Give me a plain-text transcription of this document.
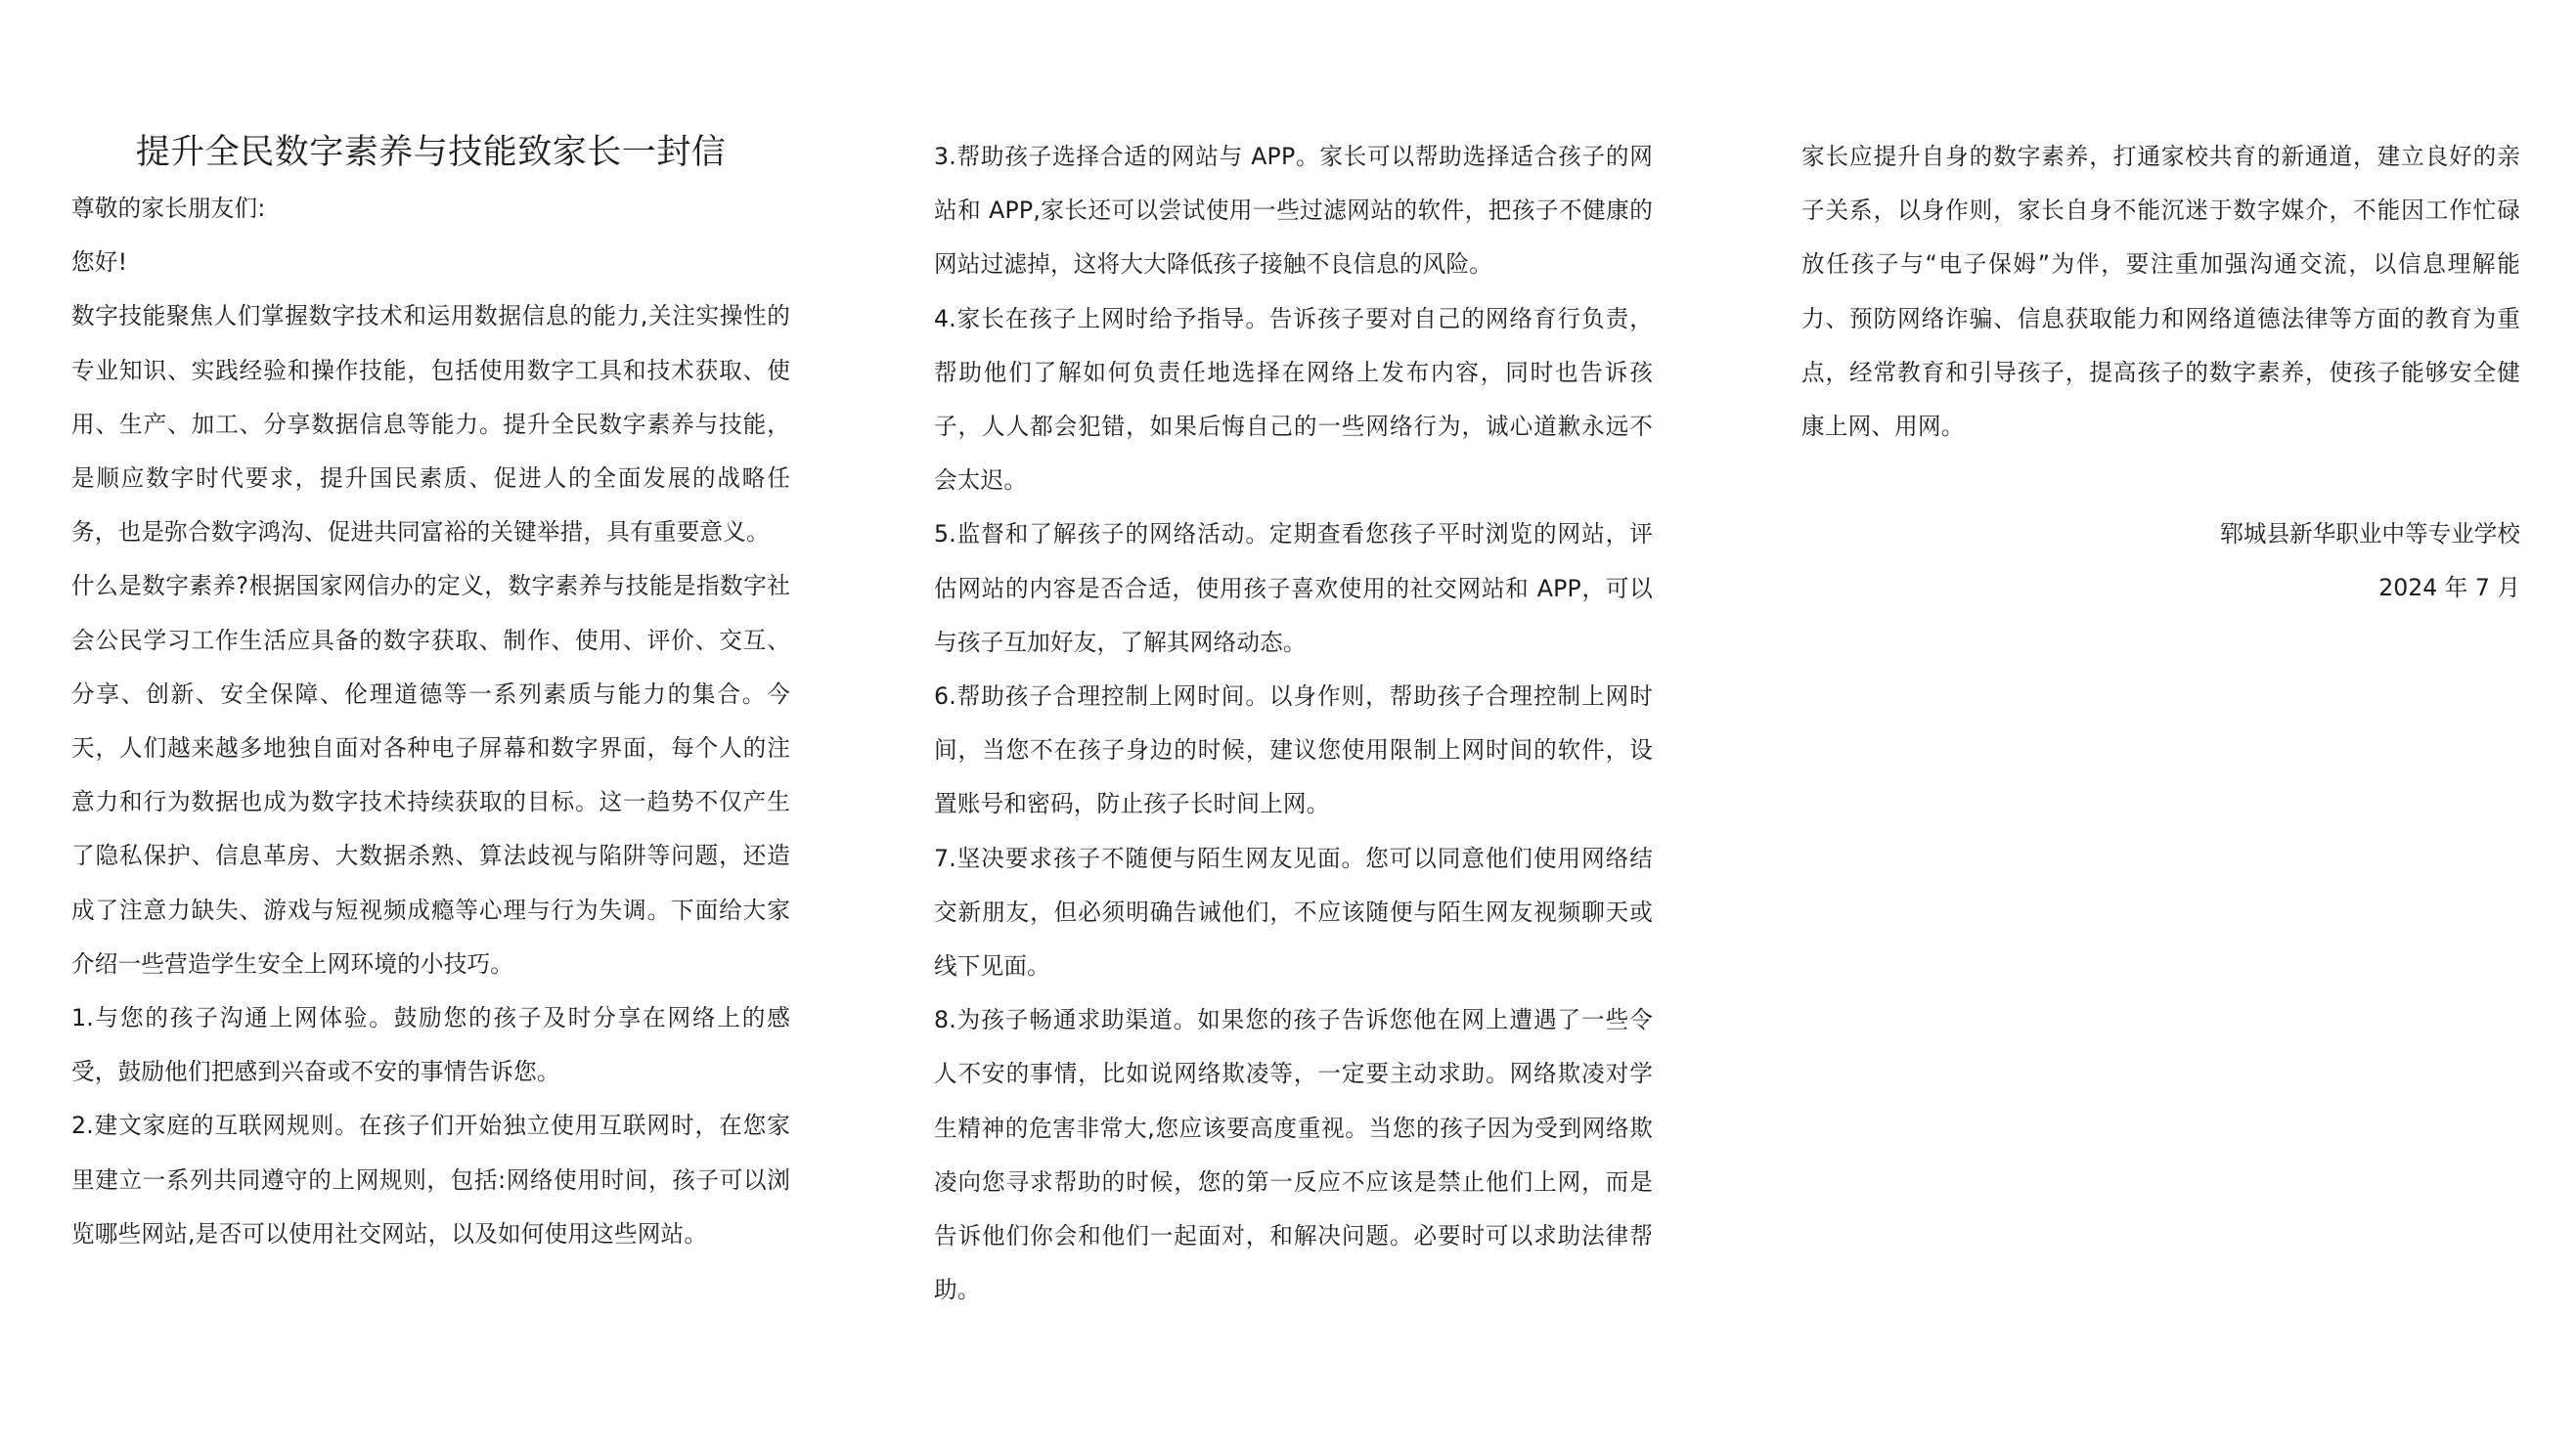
提升全民数字素养与技能致家长一封信

尊敬的家长朋友们:

您好!

数字技能聚焦人们掌握数字技术和运用数据信息的能力,关注实操性的专业知识、实践经验和操作技能，包括使用数字工具和技术获取、使用、生产、加工、分享数据信息等能力。提升全民数字素养与技能，是顺应数字时代要求，提升国民素质、促进人的全面发展的战略任务，也是弥合数字鸿沟、促进共同富裕的关键举措，具有重要意义。

什么是数字素养?根据国家网信办的定义，数字素养与技能是指数字社会公民学习工作生活应具备的数字获取、制作、使用、评价、交互、分享、创新、安全保障、伦理道德等一系列素质与能力的集合。今天，人们越来越多地独自面对各种电子屏幕和数字界面，每个人的注意力和行为数据也成为数字技术持续获取的目标。这一趋势不仅产生了隐私保护、信息革房、大数据杀熟、算法歧视与陷阱等问题，还造成了注意力缺失、游戏与短视频成瘾等心理与行为失调。下面给大家介绍一些营造学生安全上网环境的小技巧。

1.与您的孩子沟通上网体验。鼓励您的孩子及时分享在网络上的感受，鼓励他们把感到兴奋或不安的事情告诉您。

2.建文家庭的互联网规则。在孩子们开始独立使用互联网时，在您家里建立一系列共同遵守的上网规则，包括:网络使用时间，孩子可以浏览哪些网站,是否可以使用社交网站，以及如何使用这些网站。

3.帮助孩子选择合适的网站与 APP。家长可以帮助选择适合孩子的网站和 APP,家长还可以尝试使用一些过滤网站的软件，把孩子不健康的网站过滤掉，这将大大降低孩子接触不良信息的风险。

4.家长在孩子上网时给予指导。告诉孩子要对自己的网络育行负责，帮助他们了解如何负责任地选择在网络上发布内容，同时也告诉孩子，人人都会犯错，如果后悔自己的一些网络行为，诚心道歉永远不会太迟。

5.监督和了解孩子的网络活动。定期查看您孩子平时浏览的网站，评估网站的内容是否合适，使用孩子喜欢使用的社交网站和 APP，可以与孩子互加好友，了解其网络动态。

6.帮助孩子合理控制上网时间。以身作则，帮助孩子合理控制上网时间，当您不在孩子身边的时候，建议您使用限制上网时间的软件，设置账号和密码，防止孩子长时间上网。

7.坚决要求孩子不随便与陌生网友见面。您可以同意他们使用网络结交新朋友，但必须明确告诫他们，不应该随便与陌生网友视频聊天或线下见面。

8.为孩子畅通求助渠道。如果您的孩子告诉您他在网上遭遇了一些令人不安的事情，比如说网络欺凌等，一定要主动求助。网络欺凌对学生精神的危害非常大,您应该要高度重视。当您的孩子因为受到网络欺凌向您寻求帮助的时候，您的第一反应不应该是禁止他们上网，而是告诉他们你会和他们一起面对，和解决问题。必要时可以求助法律帮助。

家长应提升自身的数字素养，打通家校共育的新通道，建立良好的亲子关系，以身作则，家长自身不能沉迷于数字媒介，不能因工作忙碌放任孩子与“电子保姆”为伴，要注重加强沟通交流，以信息理解能力、预防网络诈骗、信息获取能力和网络道德法律等方面的教育为重点，经常教育和引导孩子，提高孩子的数字素养，使孩子能够安全健康上网、用网。

郓城县新华职业中等专业学校

2024 年 7 月
